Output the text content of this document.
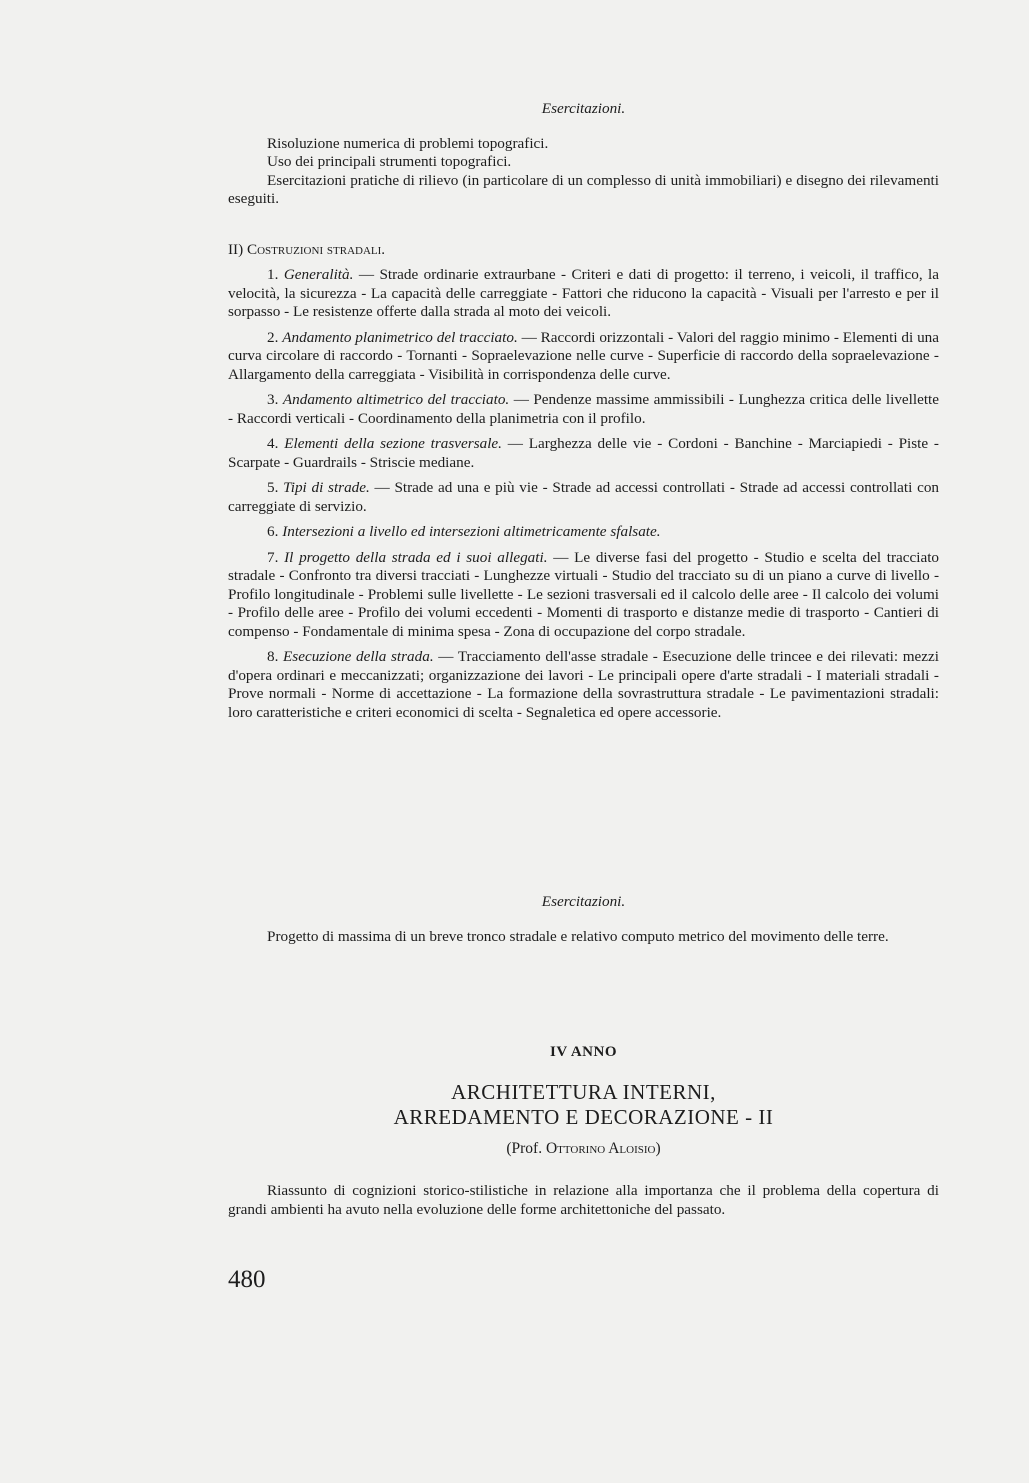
Esercitazioni.

Risoluzione numerica di problemi topografici.

Uso dei principali strumenti topografici.

Esercitazioni pratiche di rilievo (in particolare di un complesso di unità immobiliari) e disegno dei rilevamenti eseguiti.

II) Costruzioni stradali.

1. Generalità. — Strade ordinarie extraurbane - Criteri e dati di progetto: il terreno, i veicoli, il traffico, la velocità, la sicurezza - La capacità delle carreggiate - Fattori che riducono la capacità - Visuali per l'arresto e per il sorpasso - Le resistenze offerte dalla strada al moto dei veicoli.

2. Andamento planimetrico del tracciato. — Raccordi orizzontali - Valori del raggio minimo - Elementi di una curva circolare di raccordo - Tornanti - Sopraelevazione nelle curve - Superficie di raccordo della sopraelevazione - Allargamento della carreggiata - Visibilità in corrispondenza delle curve.

3. Andamento altimetrico del tracciato. — Pendenze massime ammissibili - Lunghezza critica delle livellette - Raccordi verticali - Coordinamento della planimetria con il profilo.

4. Elementi della sezione trasversale. — Larghezza delle vie - Cordoni - Banchine - Marciapiedi - Piste - Scarpate - Guardrails - Striscie mediane.

5. Tipi di strade. — Strade ad una e più vie - Strade ad accessi controllati - Strade ad accessi controllati con carreggiate di servizio.

6. Intersezioni a livello ed intersezioni altimetricamente sfalsate.

7. Il progetto della strada ed i suoi allegati. — Le diverse fasi del progetto - Studio e scelta del tracciato stradale - Confronto tra diversi tracciati - Lunghezze virtuali - Studio del tracciato su di un piano a curve di livello - Profilo longitudinale - Problemi sulle livellette - Le sezioni trasversali ed il calcolo delle aree - Il calcolo dei volumi - Profilo delle aree - Profilo dei volumi eccedenti - Momenti di trasporto e distanze medie di trasporto - Cantieri di compenso - Fondamentale di minima spesa - Zona di occupazione del corpo stradale.

8. Esecuzione della strada. — Tracciamento dell'asse stradale - Esecuzione delle trincee e dei rilevati: mezzi d'opera ordinari e meccanizzati; organizzazione dei lavori - Le principali opere d'arte stradali - I materiali stradali - Prove normali - Norme di accettazione - La formazione della sovrastruttura stradale - Le pavimentazioni stradali: loro caratteristiche e criteri economici di scelta - Segnaletica ed opere accessorie.

Esercitazioni.

Progetto di massima di un breve tronco stradale e relativo computo metrico del movimento delle terre.

IV ANNO

ARCHITETTURA INTERNI,

ARREDAMENTO E DECORAZIONE - II

(Prof. Ottorino Aloisio)

Riassunto di cognizioni storico-stilistiche in relazione alla importanza che il problema della copertura di grandi ambienti ha avuto nella evoluzione delle forme architettoniche del passato.

480
